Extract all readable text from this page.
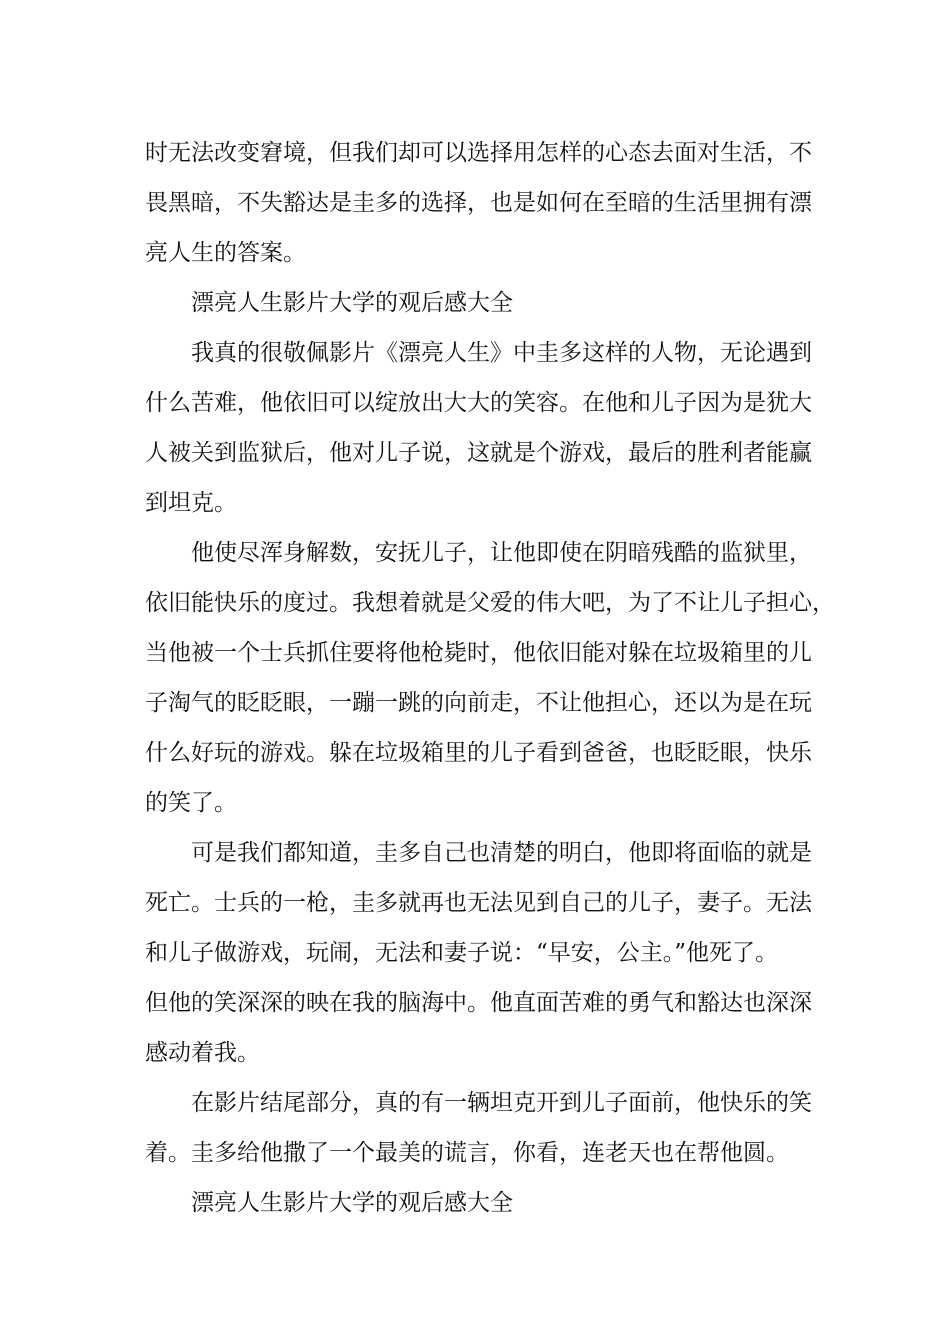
时无法改变窘境，但我们却可以选择用怎样的心态去面对生活，不
畏黑暗，不失豁达是圭多的选择，也是如何在至暗的生活里拥有漂
亮人生的答案。
漂亮人生影片大学的观后感大全
我真的很敬佩影片《漂亮人生》中圭多这样的人物，无论遇到
什么苦难，他依旧可以绽放出大大的笑容。在他和儿子因为是犹大
人被关到监狱后，他对儿子说，这就是个游戏，最后的胜利者能赢
到坦克。
他使尽浑身解数，安抚儿子，让他即使在阴暗残酷的监狱里，
依旧能快乐的度过。我想着就是父爱的伟大吧，为了不让儿子担心，
当他被一个士兵抓住要将他枪毙时，他依旧能对躲在垃圾箱里的儿
子淘气的眨眨眼，一蹦一跳的向前走，不让他担心，还以为是在玩
什么好玩的游戏。躲在垃圾箱里的儿子看到爸爸，也眨眨眼，快乐
的笑了。
可是我们都知道，圭多自己也清楚的明白，他即将面临的就是
死亡。士兵的一枪，圭多就再也无法见到自己的儿子，妻子。无法
和儿子做游戏，玩闹，无法和妻子说：“早安，公主。”他死了。
但他的笑深深的映在我的脑海中。他直面苦难的勇气和豁达也深深
感动着我。
在影片结尾部分，真的有一辆坦克开到儿子面前，他快乐的笑
着。圭多给他撒了一个最美的谎言，你看，连老天也在帮他圆。
漂亮人生影片大学的观后感大全
